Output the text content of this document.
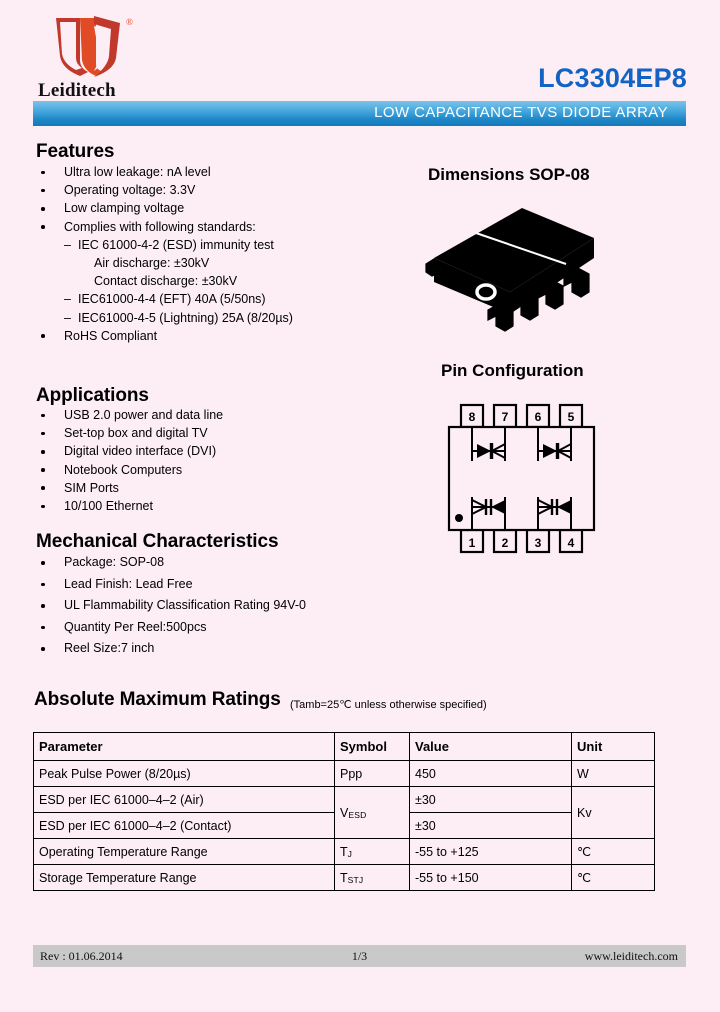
®
Leiditech	LC3304EP8
LOW CAPACITANCE TVS DIODE ARRAY
Features
Ultra low leakage: nA level
Operating voltage: 3.3V
Low clamping voltage
Complies with following standards:
– IEC 61000-4-2 (ESD) immunity test
Air discharge: ±30kV
Contact discharge: ±30kV
– IEC61000-4-4 (EFT) 40A (5/50ns)
– IEC61000-4-5 (Lightning) 25A (8/20µs)
RoHS Compliant
Applications
USB 2.0 power and data line
Set-top box and digital TV
Digital video interface (DVI)
Notebook Computers
SIM Ports
10/100 Ethernet
Mechanical Characteristics
Package: SOP-08
Lead Finish: Lead Free
UL Flammability Classification Rating 94V-0
Quantity Per Reel:500pcs
Reel Size:7 inch
Dimensions SOP-08
Pin Configuration
8 7 6 5
1 2 3 4
Absolute Maximum Ratings (Tamb=25℃ unless otherwise specified)
Parameter	Symbol	Value	Unit
Peak Pulse Power (8/20µs)	Ppp	450	W
ESD per IEC 61000–4–2 (Air)	$V_{ESD}$	±30	Kv
ESD per IEC 61000–4–2 (Contact)		±30	
Operating Temperature Range	$T_J$	-55 to +125	℃
Storage Temperature Range	$T_{STJ}$	-55 to +150	℃
Rev : 01.06.2014	1/3	www.leiditech.com
